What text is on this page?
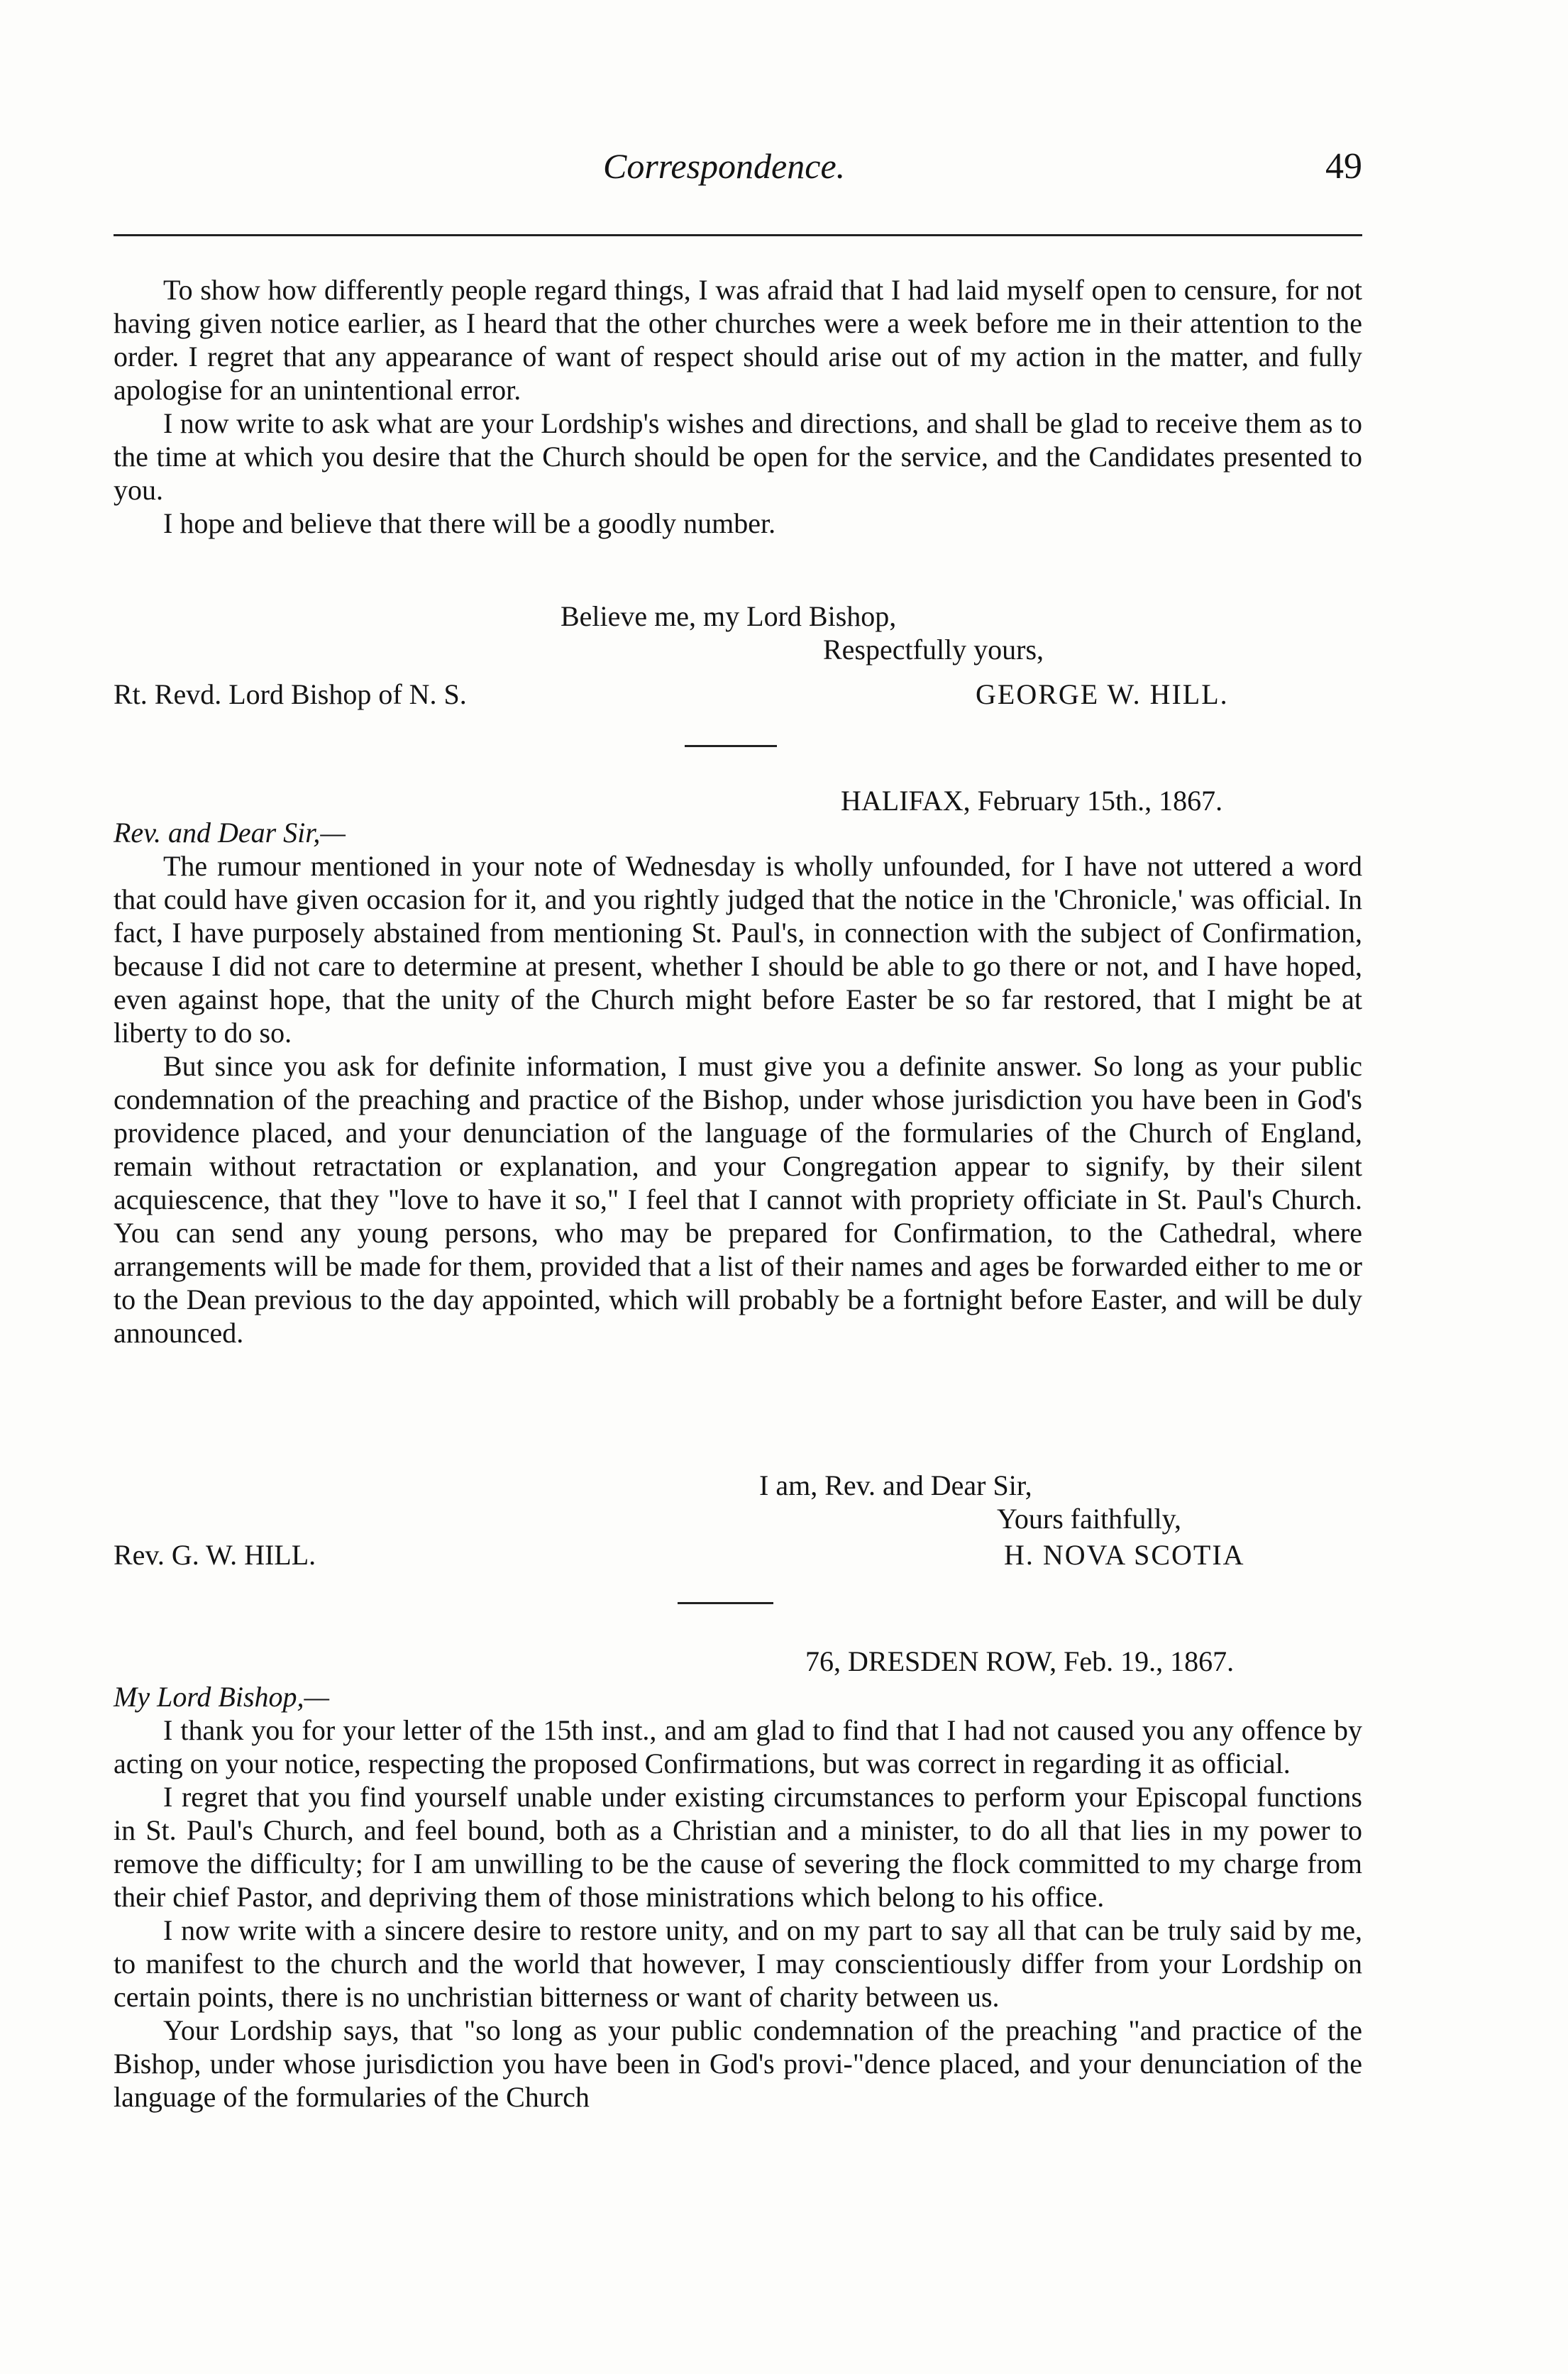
Correspondence.	49

To show how differently people regard things, I was afraid that I had laid myself open to censure, for not having given notice earlier, as I heard that the other churches were a week before me in their attention to the order. I regret that any appearance of want of respect should arise out of my action in the matter, and fully apologise for an unintentional error.

I now write to ask what are your Lordship's wishes and directions, and shall be glad to receive them as to the time at which you desire that the Church should be open for the service, and the Candidates presented to you.

I hope and believe that there will be a goodly number.

Believe me, my Lord Bishop,
Respectfully yours,
Rt. Revd. Lord Bishop of N. S.	GEORGE W. HILL.
HALIFAX, February 15th., 1867.
Rev. and Dear Sir,—

The rumour mentioned in your note of Wednesday is wholly unfounded, for I have not uttered a word that could have given occasion for it, and you rightly judged that the notice in the 'Chronicle,' was official. In fact, I have purposely abstained from mentioning St. Paul's, in connection with the subject of Confirmation, because I did not care to determine at present, whether I should be able to go there or not, and I have hoped, even against hope, that the unity of the Church might before Easter be so far restored, that I might be at liberty to do so.

But since you ask for definite information, I must give you a definite answer. So long as your public condemnation of the preaching and practice of the Bishop, under whose jurisdiction you have been in God's providence placed, and your denunciation of the language of the formularies of the Church of England, remain without retractation or explanation, and your Congregation appear to signify, by their silent acquiescence, that they "love to have it so," I feel that I cannot with propriety officiate in St. Paul's Church. You can send any young persons, who may be prepared for Confirmation, to the Cathedral, where arrangements will be made for them, provided that a list of their names and ages be forwarded either to me or to the Dean previous to the day appointed, which will probably be a fortnight before Easter, and will be duly announced.

I am, Rev. and Dear Sir,
Yours faithfully,
Rev. G. W. HILL.	H. NOVA SCOTIA
76, DRESDEN ROW, Feb. 19., 1867.
My Lord Bishop,—

I thank you for your letter of the 15th inst., and am glad to find that I had not caused you any offence by acting on your notice, respecting the proposed Confirmations, but was correct in regarding it as official.

I regret that you find yourself unable under existing circumstances to perform your Episcopal functions in St. Paul's Church, and feel bound, both as a Christian and a minister, to do all that lies in my power to remove the difficulty; for I am unwilling to be the cause of severing the flock committed to my charge from their chief Pastor, and depriving them of those ministrations which belong to his office.

I now write with a sincere desire to restore unity, and on my part to say all that can be truly said by me, to manifest to the church and the world that however, I may conscientiously differ from your Lordship on certain points, there is no unchristian bitterness or want of charity between us.

Your Lordship says, that "so long as your public condemnation of the preaching "and practice of the Bishop, under whose jurisdiction you have been in God's provi-"dence placed, and your denunciation of the language of the formularies of the Church
